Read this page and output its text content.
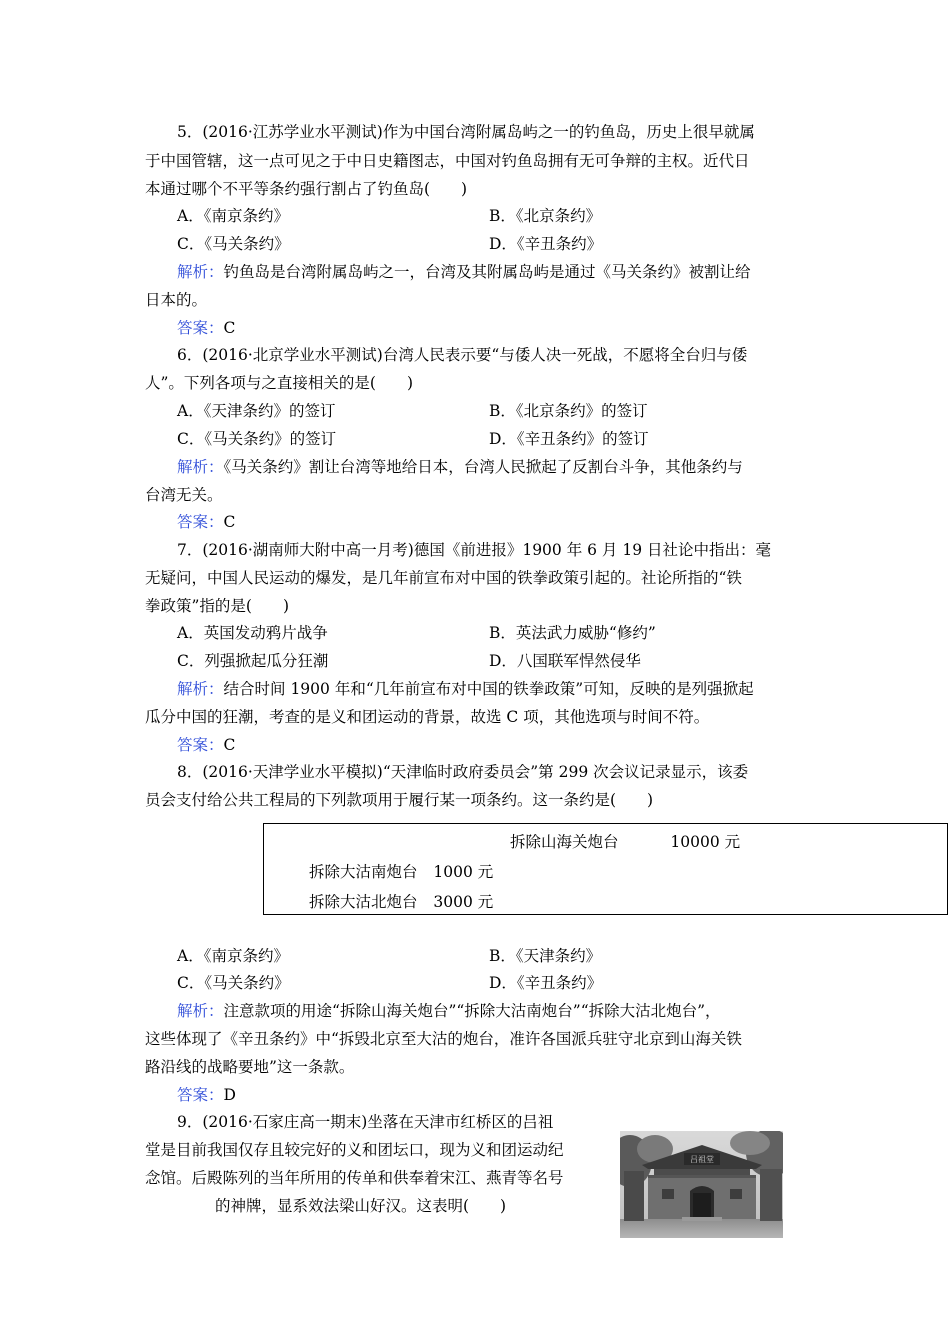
5．(2016·江苏学业水平测试)作为中国台湾附属岛屿之一的钓鱼岛，历史上很早就属
于中国管辖，这一点可见之于中日史籍图志，中国对钓鱼岛拥有无可争辩的主权。近代日
本通过哪个不平等条约强行割占了钓鱼岛(　　)
A．《南京条约》	B．《北京条约》
C．《马关条约》	D．《辛丑条约》
解析：钓鱼岛是台湾附属岛屿之一，台湾及其附属岛屿是通过《马关条约》被割让给
日本的。
答案：C
6．(2016·北京学业水平测试)台湾人民表示要“与倭人决一死战，不愿将全台归与倭
人”。下列各项与之直接相关的是(　　)
A．《天津条约》的签订	B．《北京条约》的签订
C．《马关条约》的签订	D．《辛丑条约》的签订
解析：《马关条约》割让台湾等地给日本，台湾人民掀起了反割台斗争，其他条约与
台湾无关。
答案：C
7．(2016·湖南师大附中高一月考)德国《前进报》1900 年 6 月 19 日社论中指出：毫
无疑问，中国人民运动的爆发，是几年前宣布对中国的铁拳政策引起的。社论所指的“铁
拳政策”指的是(　　)
A．英国发动鸦片战争	B．英法武力威胁“修约”
C．列强掀起瓜分狂潮	D．八国联军悍然侵华
解析：结合时间 1900 年和“几年前宣布对中国的铁拳政策”可知，反映的是列强掀起
瓜分中国的狂潮，考查的是义和团运动的背景，故选 C 项，其他选项与时间不符。
答案：C
8．(2016·天津学业水平模拟)“天津临时政府委员会”第 299 次会议记录显示，该委
员会支付给公共工程局的下列款项用于履行某一项条约。这一条约是(　　)
拆除山海关炮台	10000 元
拆除大沽南炮台 1000 元
拆除大沽北炮台 3000 元
A．《南京条约》	B．《天津条约》
C．《马关条约》	D．《辛丑条约》
解析：注意款项的用途“拆除山海关炮台”“拆除大沽南炮台”“拆除大沽北炮台”，
这些体现了《辛丑条约》中“拆毁北京至大沽的炮台，准许各国派兵驻守北京到山海关铁
路沿线的战略要地”这一条款。
答案：D
9．(2016·石家庄高一期末)坐落在天津市红桥区的吕祖
堂是目前我国仅存且较完好的义和团坛口，现为义和团运动纪
念馆。后殿陈列的当年所用的传单和供奉着宋江、燕青等名号
的神牌，显系效法梁山好汉。这表明(　　)
吕祖堂
